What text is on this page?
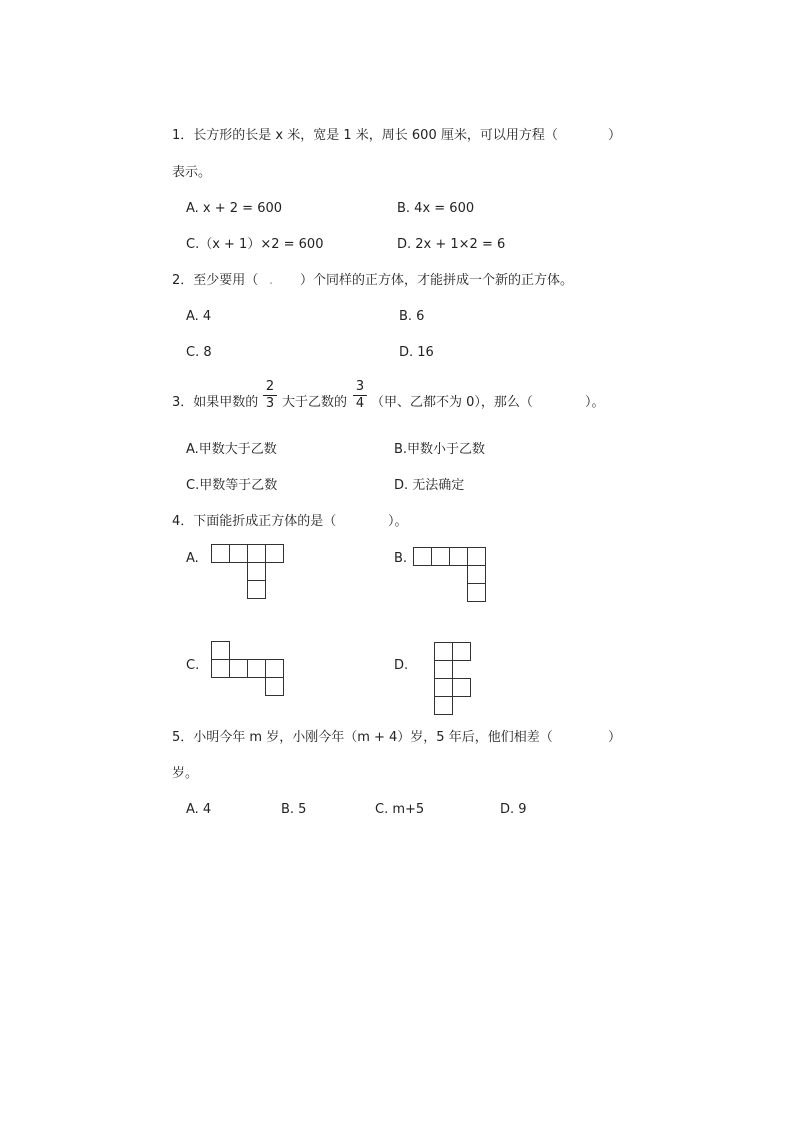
1．长方形的长是 x 米，宽是 1 米，周长 600 厘米，可以用方程（	）
表示。
A. x + 2 = 600	B. 4x = 600
C.（x + 1）×2 = 600	D. 2x + 1×2 = 6
2．至少要用（ . ）个同样的正方体，才能拼成一个新的正方体。
A. 4	B. 6
C. 8	D. 16
3．如果甲数的
2
3 大于乙数的
3
4 （甲、乙都不为 0），那么（	）。
A.甲数大于乙数	B.甲数小于乙数
C.甲数等于乙数	D. 无法确定
4．下面能折成正方体的是（	）。
A.	B.
C.	D.
5．小明今年 m 岁，小刚今年（m + 4）岁，5 年后，他们相差（	）
岁。
A. 4	B. 5	C. m+5	D. 9
